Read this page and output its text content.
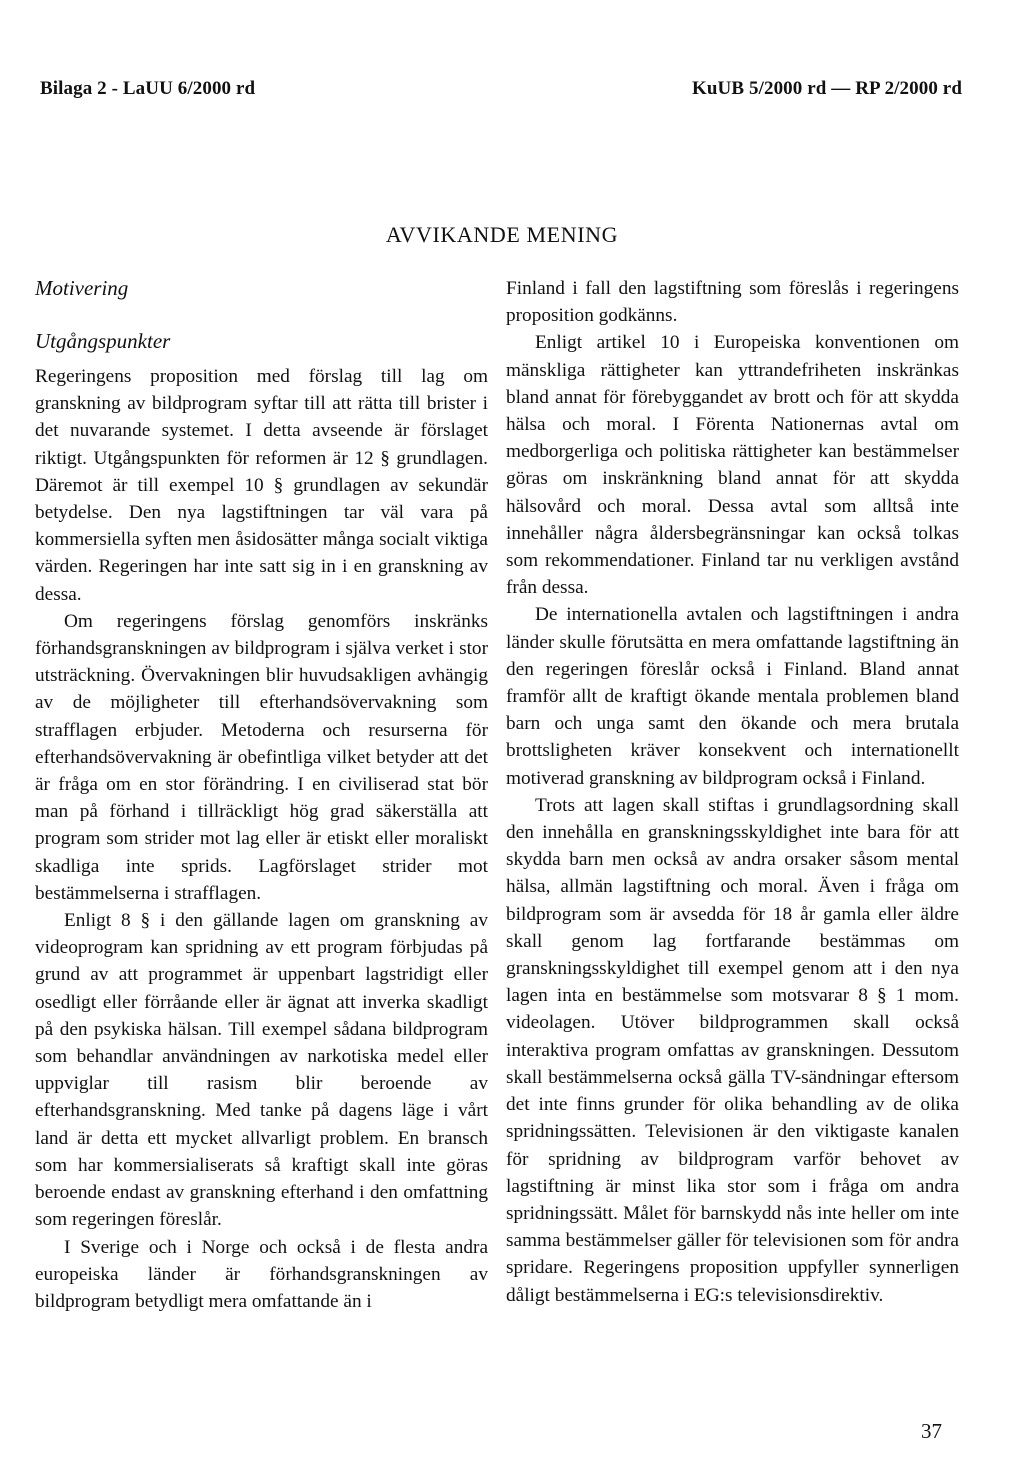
Bilaga 2 - LaUU 6/2000 rd	KuUB 5/2000 rd — RP 2/2000 rd
AVVIKANDE MENING

Motivering

Utgångspunkter

Regeringens proposition med förslag till lag om granskning av bildprogram syftar till att rätta till brister i det nuvarande systemet. I detta avseende är förslaget riktigt. Utgångspunkten för reformen är 12 § grundlagen. Däremot är till exempel 10 § grundlagen av sekundär betydelse. Den nya lagstiftningen tar väl vara på kommersiella syften men åsidosätter många socialt viktiga värden. Regeringen har inte satt sig in i en granskning av dessa.

Om regeringens förslag genomförs inskränks förhandsgranskningen av bildprogram i själva verket i stor utsträckning. Övervakningen blir huvudsakligen avhängig av de möjligheter till efterhandsövervakning som strafflagen erbjuder. Metoderna och resurserna för efterhandsövervakning är obefintliga vilket betyder att det är fråga om en stor förändring. I en civiliserad stat bör man på förhand i tillräckligt hög grad säkerställa att program som strider mot lag eller är etiskt eller moraliskt skadliga inte sprids. Lagförslaget strider mot bestämmelserna i strafflagen.

Enligt 8 § i den gällande lagen om granskning av videoprogram kan spridning av ett program förbjudas på grund av att programmet är uppenbart lagstridigt eller osedligt eller förråande eller är ägnat att inverka skadligt på den psykiska hälsan. Till exempel sådana bildprogram som behandlar användningen av narkotiska medel eller uppviglar till rasism blir beroende av efterhandsgranskning. Med tanke på dagens läge i vårt land är detta ett mycket allvarligt problem. En bransch som har kommersialiserats så kraftigt skall inte göras beroende endast av granskning efterhand i den omfattning som regeringen föreslår.

I Sverige och i Norge och också i de flesta andra europeiska länder är förhandsgranskningen av bildprogram betydligt mera omfattande än i

Finland i fall den lagstiftning som föreslås i regeringens proposition godkänns.

Enligt artikel 10 i Europeiska konventionen om mänskliga rättigheter kan yttrandefriheten inskränkas bland annat för förebyggandet av brott och för att skydda hälsa och moral. I Förenta Nationernas avtal om medborgerliga och politiska rättigheter kan bestämmelser göras om inskränkning bland annat för att skydda hälsovård och moral. Dessa avtal som alltså inte innehåller några åldersbegränsningar kan också tolkas som rekommendationer. Finland tar nu verkligen avstånd från dessa.

De internationella avtalen och lagstiftningen i andra länder skulle förutsätta en mera omfattande lagstiftning än den regeringen föreslår också i Finland. Bland annat framför allt de kraftigt ökande mentala problemen bland barn och unga samt den ökande och mera brutala brottsligheten kräver konsekvent och internationellt motiverad granskning av bildprogram också i Finland.

Trots att lagen skall stiftas i grundlagsordning skall den innehålla en granskningsskyldighet inte bara för att skydda barn men också av andra orsaker såsom mental hälsa, allmän lagstiftning och moral. Även i fråga om bildprogram som är avsedda för 18 år gamla eller äldre skall genom lag fortfarande bestämmas om granskningsskyldighet till exempel genom att i den nya lagen inta en bestämmelse som motsvarar 8 § 1 mom. videolagen. Utöver bildprogrammen skall också interaktiva program omfattas av granskningen. Dessutom skall bestämmelserna också gälla TV-sändningar eftersom det inte finns grunder för olika behandling av de olika spridningssätten. Televisionen är den viktigaste kanalen för spridning av bildprogram varför behovet av lagstiftning är minst lika stor som i fråga om andra spridningssätt. Målet för barnskydd nås inte heller om inte samma bestämmelser gäller för televisionen som för andra spridare. Regeringens proposition uppfyller synnerligen dåligt bestämmelserna i EG:s televisionsdirektiv.

37
